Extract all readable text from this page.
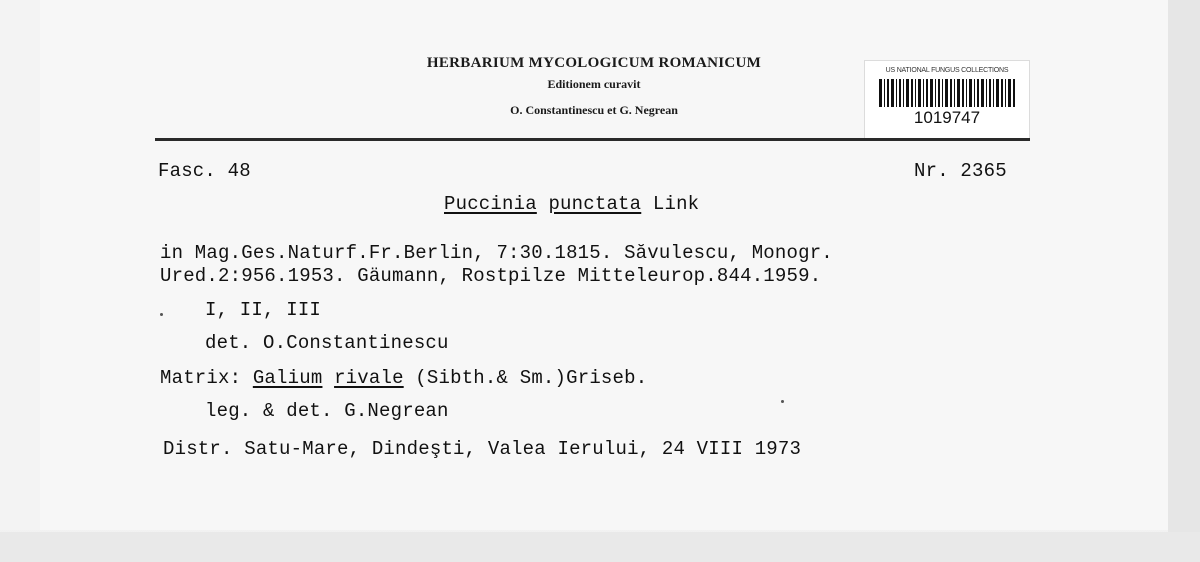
HERBARIUM MYCOLOGICUM ROMANICUM
Editionem curavit
O. Constantinescu et G. Negrean
US NATIONAL FUNGUS COLLECTIONS
1019747
Fasc. 48	Nr. 2365
Puccinia punctata Link
in Mag.Ges.Naturf.Fr.Berlin, 7:30.1815. Săvulescu, Monogr.
Ured.2:956.1953. Gäumann, Rostpilze Mitteleurop.844.1959.
I, II, III
det. O.Constantinescu
Matrix: Galium rivale (Sibth.& Sm.)Griseb.
leg. & det. G.Negrean
Distr. Satu-Mare, Dindeşti, Valea Ierului, 24 VIII 1973
